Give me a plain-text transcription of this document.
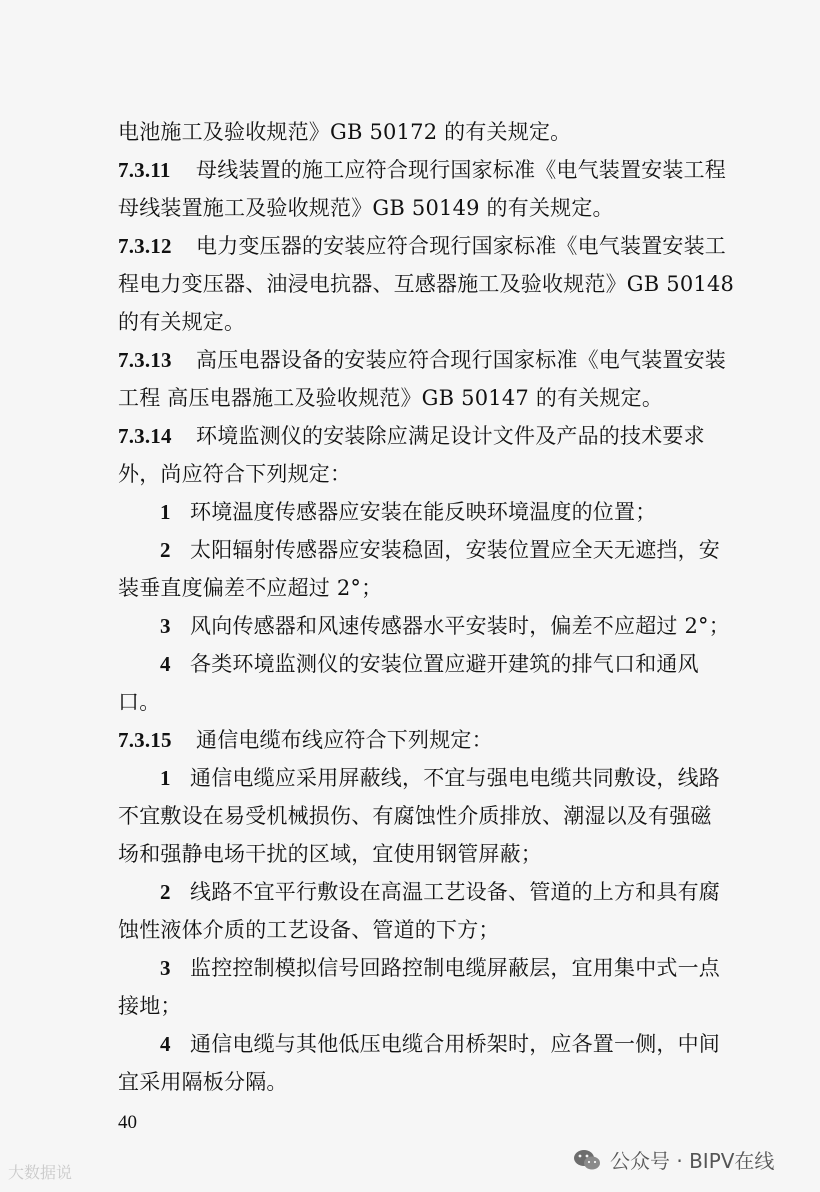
电池施工及验收规范》GB 50172 的有关规定。
7.3.11 母线装置的施工应符合现行国家标准《电气装置安装工程
母线装置施工及验收规范》GB 50149 的有关规定。
7.3.12 电力变压器的安装应符合现行国家标准《电气装置安装工
程电力变压器、油浸电抗器、互感器施工及验收规范》GB 50148
的有关规定。
7.3.13 高压电器设备的安装应符合现行国家标准《电气装置安装
工程 高压电器施工及验收规范》GB 50147 的有关规定。
7.3.14 环境监测仪的安装除应满足设计文件及产品的技术要求
外，尚应符合下列规定：
1 环境温度传感器应安装在能反映环境温度的位置；
2 太阳辐射传感器应安装稳固，安装位置应全天无遮挡，安
装垂直度偏差不应超过 2°；
3 风向传感器和风速传感器水平安装时，偏差不应超过 2°；
4 各类环境监测仪的安装位置应避开建筑的排气口和通风
口。
7.3.15 通信电缆布线应符合下列规定：
1 通信电缆应采用屏蔽线，不宜与强电电缆共同敷设，线路
不宜敷设在易受机械损伤、有腐蚀性介质排放、潮湿以及有强磁
场和强静电场干扰的区域，宜使用钢管屏蔽；
2 线路不宜平行敷设在高温工艺设备、管道的上方和具有腐
蚀性液体介质的工艺设备、管道的下方；
3 监控控制模拟信号回路控制电缆屏蔽层，宜用集中式一点
接地；
4 通信电缆与其他低压电缆合用桥架时，应各置一侧，中间
宜采用隔板分隔。
40
大数据说	公众号 · BIPV在线
